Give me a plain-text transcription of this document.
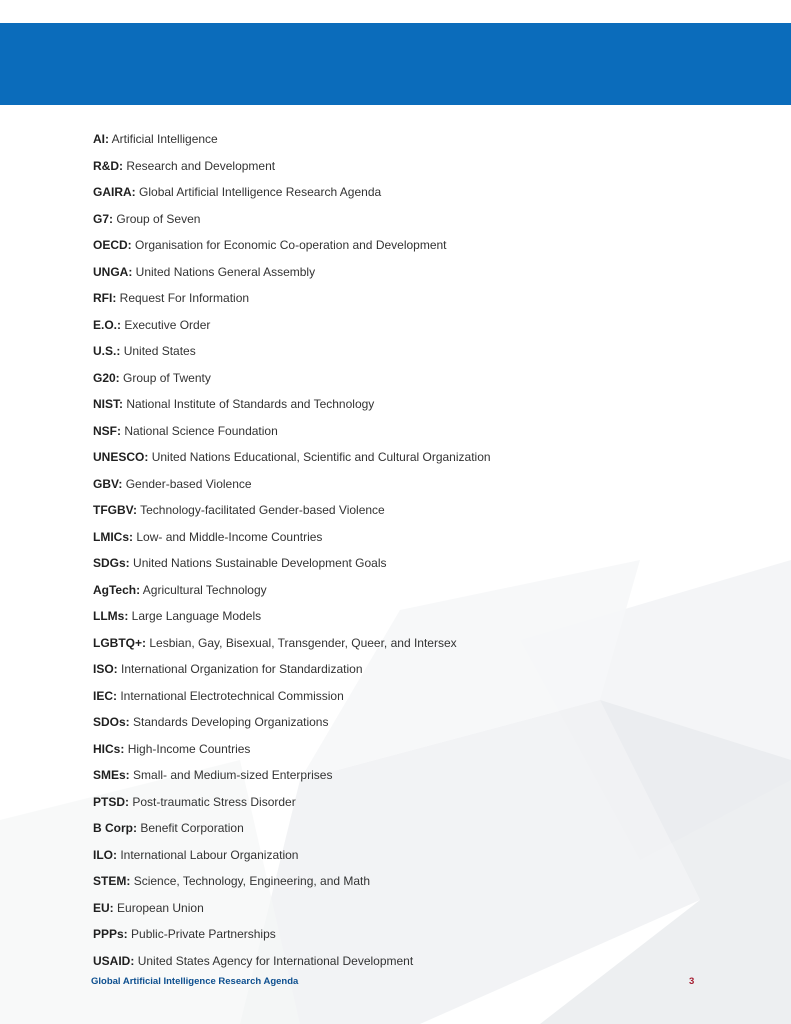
AI: Artificial Intelligence
R&D: Research and Development
GAIRA: Global Artificial Intelligence Research Agenda
G7: Group of Seven
OECD: Organisation for Economic Co-operation and Development
UNGA: United Nations General Assembly
RFI: Request For Information
E.O.: Executive Order
U.S.: United States
G20: Group of Twenty
NIST: National Institute of Standards and Technology
NSF: National Science Foundation
UNESCO: United Nations Educational, Scientific and Cultural Organization
GBV: Gender-based Violence
TFGBV: Technology-facilitated Gender-based Violence
LMICs: Low- and Middle-Income Countries
SDGs: United Nations Sustainable Development Goals
AgTech: Agricultural Technology
LLMs: Large Language Models
LGBTQ+: Lesbian, Gay, Bisexual, Transgender, Queer, and Intersex
ISO: International Organization for Standardization
IEC: International Electrotechnical Commission
SDOs: Standards Developing Organizations
HICs: High-Income Countries
SMEs: Small- and Medium-sized Enterprises
PTSD: Post-traumatic Stress Disorder
B Corp: Benefit Corporation
ILO: International Labour Organization
STEM: Science, Technology, Engineering, and Math
EU: European Union
PPPs: Public-Private Partnerships
USAID: United States Agency for International Development
Global Artificial Intelligence Research Agenda	3
